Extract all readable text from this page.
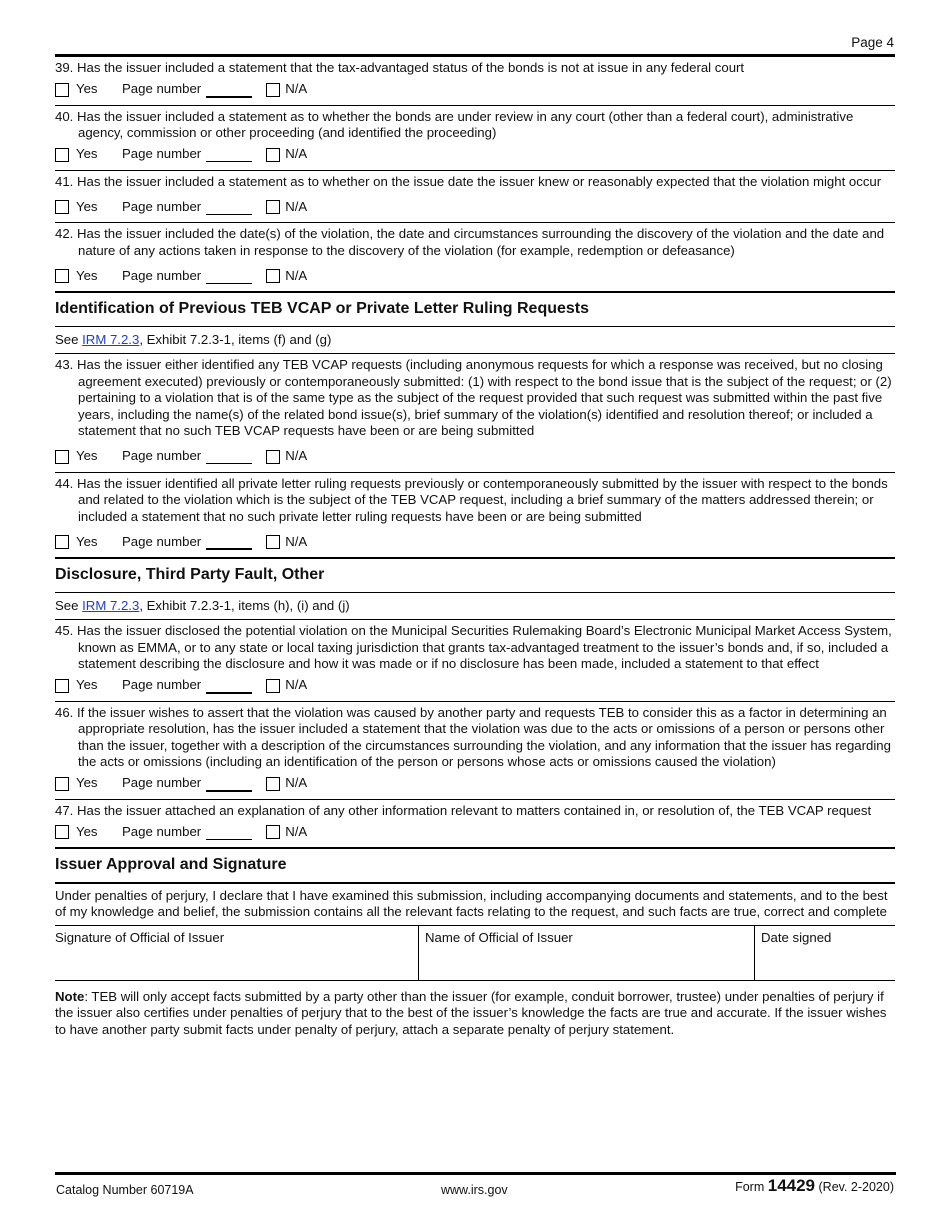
Page 4
39. Has the issuer included a statement that the tax-advantaged status of the bonds is not at issue in any federal court
Yes	Page number	N/A
40. Has the issuer included a statement as to whether the bonds are under review in any court (other than a federal court), administrative agency, commission or other proceeding (and identified the proceeding)
Yes	Page number	N/A
41. Has the issuer included a statement as to whether on the issue date the issuer knew or reasonably expected that the violation might occur
Yes	Page number	N/A
42. Has the issuer included the date(s) of the violation, the date and circumstances surrounding the discovery of the violation and the date and nature of any actions taken in response to the discovery of the violation (for example, redemption or defeasance)
Yes	Page number	N/A
Identification of Previous TEB VCAP or Private Letter Ruling Requests
See IRM 7.2.3, Exhibit 7.2.3-1, items (f) and (g)
43. Has the issuer either identified any TEB VCAP requests (including anonymous requests for which a response was received, but no closing agreement executed) previously or contemporaneously submitted: (1) with respect to the bond issue that is the subject of the request; or (2) pertaining to a violation that is of the same type as the subject of the request provided that such request was submitted within the past five years, including the name(s) of the related bond issue(s), brief summary of the violation(s) identified and resolution thereof; or included a statement that no such TEB VCAP requests have been or are being submitted
Yes	Page number	N/A
44. Has the issuer identified all private letter ruling requests previously or contemporaneously submitted by the issuer with respect to the bonds and related to the violation which is the subject of the TEB VCAP request, including a brief summary of the matters addressed therein; or included a statement that no such private letter ruling requests have been or are being submitted
Yes	Page number	N/A
Disclosure, Third Party Fault, Other
See IRM 7.2.3, Exhibit 7.2.3-1, items (h), (i) and (j)
45. Has the issuer disclosed the potential violation on the Municipal Securities Rulemaking Board’s Electronic Municipal Market Access System, known as EMMA, or to any state or local taxing jurisdiction that grants tax-advantaged treatment to the issuer’s bonds and, if so, included a statement describing the disclosure and how it was made or if no disclosure has been made, included a statement to that effect
Yes	Page number	N/A
46. If the issuer wishes to assert that the violation was caused by another party and requests TEB to consider this as a factor in determining an appropriate resolution, has the issuer included a statement that the violation was due to the acts or omissions of a person or persons other than the issuer, together with a description of the circumstances surrounding the violation, and any information that the issuer has regarding the acts or omissions (including an identification of the person or persons whose acts or omissions caused the violation)
Yes	Page number	N/A
47. Has the issuer attached an explanation of any other information relevant to matters contained in, or resolution of, the TEB VCAP request
Yes	Page number	N/A
Issuer Approval and Signature
Under penalties of perjury, I declare that I have examined this submission, including accompanying documents and statements, and to the best of my knowledge and belief, the submission contains all the relevant facts relating to the request, and such facts are true, correct and complete
Signature of Official of Issuer	Name of Official of Issuer	Date signed
Note: TEB will only accept facts submitted by a party other than the issuer (for example, conduit borrower, trustee) under penalties of perjury if the issuer also certifies under penalties of perjury that to the best of the issuer’s knowledge the facts are true and accurate. If the issuer wishes to have another party submit facts under penalty of perjury, attach a separate penalty of perjury statement.
Catalog Number 60719A	www.irs.gov	Form 14429 (Rev. 2-2020)
